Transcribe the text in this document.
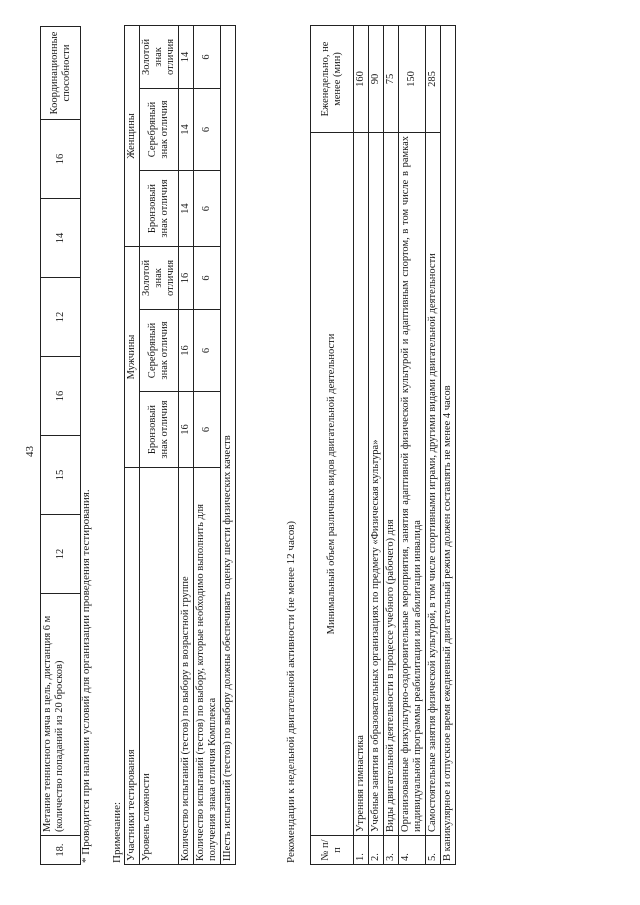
43
18.	Метание теннисного мяча в цель, дистанция 6 м (количество попаданий из 20 бросков)	12	15	16	12	14	16	Координационные способности
* Проводится при наличии условий для организации проведения тестирования. Примечание: Участники тестирования	Мужчины			Женщины		
Уровень сложности	Бронзовый знак отличия	Серебряный знак отличия	Золотой знак отличия	Бронзовый знак отличия	Серебряный знак отличия	Золотой знак отличия
Количество испытаний (тестов) по выбору в возрастной группе	16	16	16	14	14	14
Количество испытаний (тестов) по выбору, которые необходимо выполнить для получения знака отличия Комплекса	6	6	6	6	6	6
Шесть испытаний (тестов) по выбору должны обеспечивать оценку шести физических качеств							Рекомендации к недельной двигательной активности (не менее 12 часов) № п/п	Минимальный объем различных видов двигательной деятельности	Еженедельно, не менее (мин)
1.	Утренняя гимнастика	160
2.	Учебные занятия в образовательных организациях по предмету «Физическая культура»	90
3.	Виды двигательной деятельности в процессе учебного (рабочего) дня	75
4.	Организованные физкультурно-оздоровительные мероприятия, занятия адаптивной физической культурой и адаптивным спортом, в том числе в рамках индивидуальной программы реабилитации или абилитации инвалида	150
5.	Самостоятельные занятия физической культурой, в том числе спортивными играми, другими видами двигательной деятельности	285
В каникулярное и отпускное время ежедневный двигательный режим должен составлять не менее 4 часов		
